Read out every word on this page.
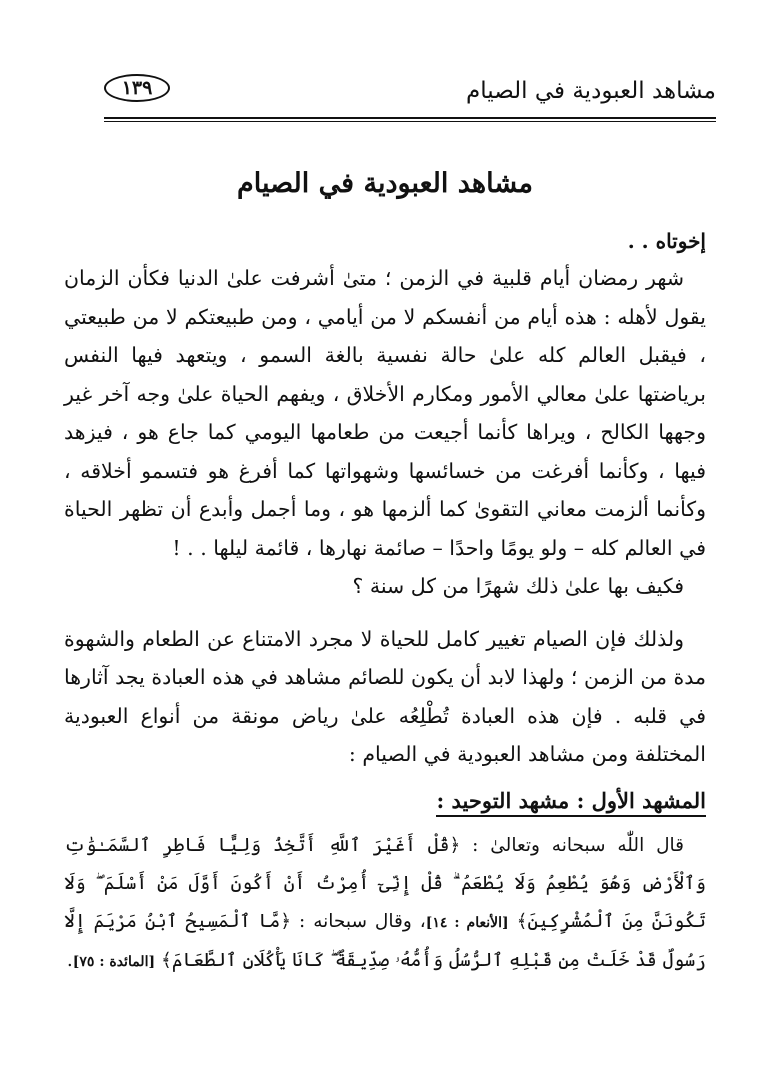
مشاهد العبودية في الصيام
١٣٩
مشاهد العبودية في الصيام
إخوتاه . .

شهر رمضان أيام قلبية في الزمن ؛ متىٰ أشرفت علىٰ الدنيا فكأن الزمان يقول لأهله : هذه أيام من أنفسكم لا من أيامي ، ومن طبيعتكم لا من طبيعتي ، فيقبل العالم كله علىٰ حالة نفسية بالغة السمو ، ويتعهد فيها النفس برياضتها علىٰ معالي الأمور ومكارم الأخلاق ، ويفهم الحياة علىٰ وجه آخر غير وجهها الكالح ، ويراها كأنما أجيعت من طعامها اليومي كما جاع هو ، فيزهد فيها ، وكأنما أفرغت من خسائسها وشهواتها كما أفرغ هو فتسمو أخلاقه ، وكأنما ألزمت معاني التقوىٰ كما ألزمها هو ، وما أجمل وأبدع أن تظهر الحياة في العالم كله – ولو يومًا واحدًا – صائمة نهارها ، قائمة ليلها . . !

فكيف بها علىٰ ذلك شهرًا من كل سنة ؟

ولذلك فإن الصيام تغيير كامل للحياة لا مجرد الامتناع عن الطعام والشهوة مدة من الزمن ؛ ولهذا لابد أن يكون للصائم مشاهد في هذه العبادة يجد آثارها في قلبه . فإن هذه العبادة تُطْلِعُه علىٰ رياض مونقة من أنواع العبودية المختلفة ومن مشاهد العبودية في الصيام :

المشهد الأول : مشهد التوحيد :

قال اللّٰه سبحانه وتعالىٰ : ﴿قُلْ أَغَيْرَ ٱللَّهِ أَتَّخِذُ وَلِيًّا فَاطِرِ ٱلسَّمَـٰوَٰتِ وَٱلْأَرْضِ وَهُوَ يُطْعِمُ وَلَا يُطْعَمُ ۗ قُلْ إِنِّىٓ أُمِرْتُ أَنْ أَكُونَ أَوَّلَ مَنْ أَسْلَمَ ۖ وَلَا تَكُونَنَّ مِنَ ٱلْمُشْرِكِينَ﴾ [الأنعام : ١٤]، وقال سبحانه : ﴿مَّا ٱلْمَسِيحُ ٱبْنُ مَرْيَمَ إِلَّا رَسُولٌ قَدْ خَلَتْ مِن قَبْلِهِ ٱلرُّسُلُ وَأُمُّهُۥ صِدِّيقَةٌ ۖ كَانَا يَأْكُلَانِ ٱلطَّعَامَ﴾ [المائدة : ٧٥].
